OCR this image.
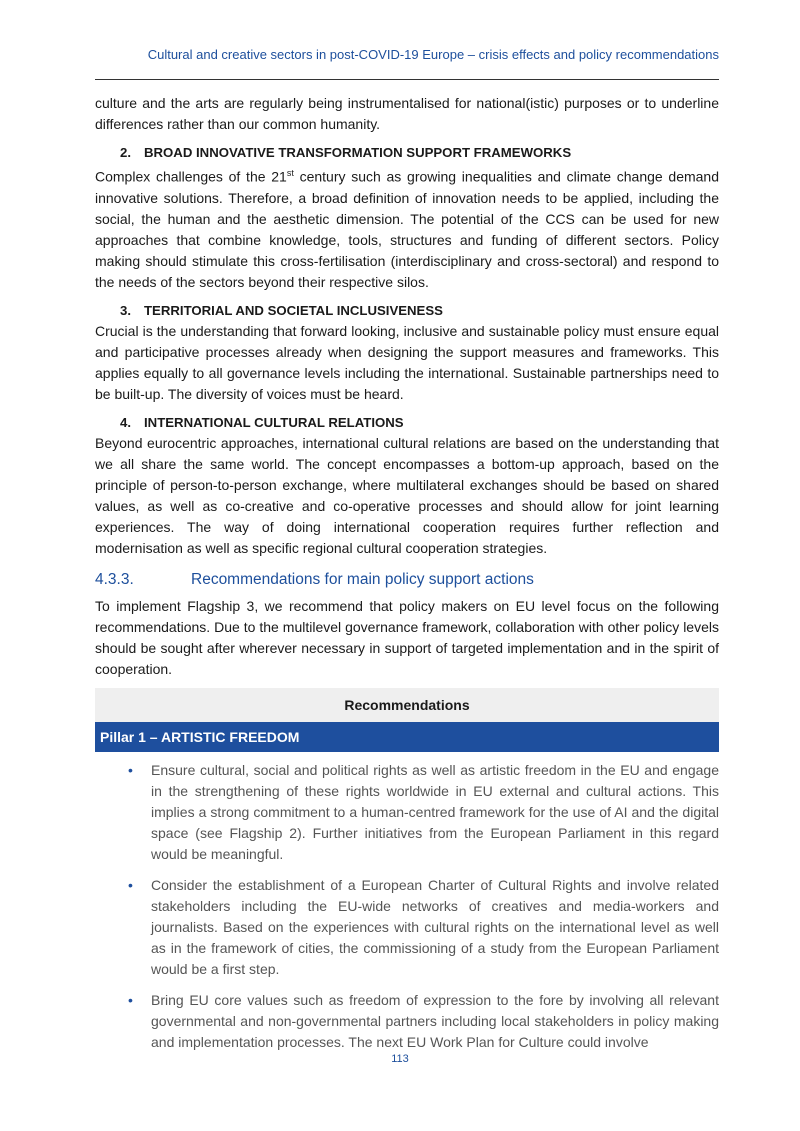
Cultural and creative sectors in post-COVID-19 Europe – crisis effects and policy recommendations

culture and the arts are regularly being instrumentalised for national(istic) purposes or to underline differences rather than our common humanity.

2. BROAD INNOVATIVE TRANSFORMATION SUPPORT FRAMEWORKS

Complex challenges of the 21st century such as growing inequalities and climate change demand innovative solutions. Therefore, a broad definition of innovation needs to be applied, including the social, the human and the aesthetic dimension. The potential of the CCS can be used for new approaches that combine knowledge, tools, structures and funding of different sectors. Policy making should stimulate this cross-fertilisation (interdisciplinary and cross-sectoral) and respond to the needs of the sectors beyond their respective silos.

3. TERRITORIAL AND SOCIETAL INCLUSIVENESS

Crucial is the understanding that forward looking, inclusive and sustainable policy must ensure equal and participative processes already when designing the support measures and frameworks. This applies equally to all governance levels including the international. Sustainable partnerships need to be built-up. The diversity of voices must be heard.

4. INTERNATIONAL CULTURAL RELATIONS

Beyond eurocentric approaches, international cultural relations are based on the understanding that we all share the same world. The concept encompasses a bottom-up approach, based on the principle of person-to-person exchange, where multilateral exchanges should be based on shared values, as well as co-creative and co-operative processes and should allow for joint learning experiences. The way of doing international cooperation requires further reflection and modernisation as well as specific regional cultural cooperation strategies.

4.3.3.	Recommendations for main policy support actions

To implement Flagship 3, we recommend that policy makers on EU level focus on the following recommendations. Due to the multilevel governance framework, collaboration with other policy levels should be sought after wherever necessary in support of targeted implementation and in the spirit of cooperation.

Recommendations
Pillar 1 – ARTISTIC FREEDOM
• Ensure cultural, social and political rights as well as artistic freedom in the EU and engage in the strengthening of these rights worldwide in EU external and cultural actions. This implies a strong commitment to a human-centred framework for the use of AI and the digital space (see Flagship 2). Further initiatives from the European Parliament in this regard would be meaningful.
• Consider the establishment of a European Charter of Cultural Rights and involve related stakeholders including the EU-wide networks of creatives and media-workers and journalists. Based on the experiences with cultural rights on the international level as well as in the framework of cities, the commissioning of a study from the European Parliament would be a first step.
• Bring EU core values such as freedom of expression to the fore by involving all relevant governmental and non-governmental partners including local stakeholders in policy making and implementation processes. The next EU Work Plan for Culture could involve
113
